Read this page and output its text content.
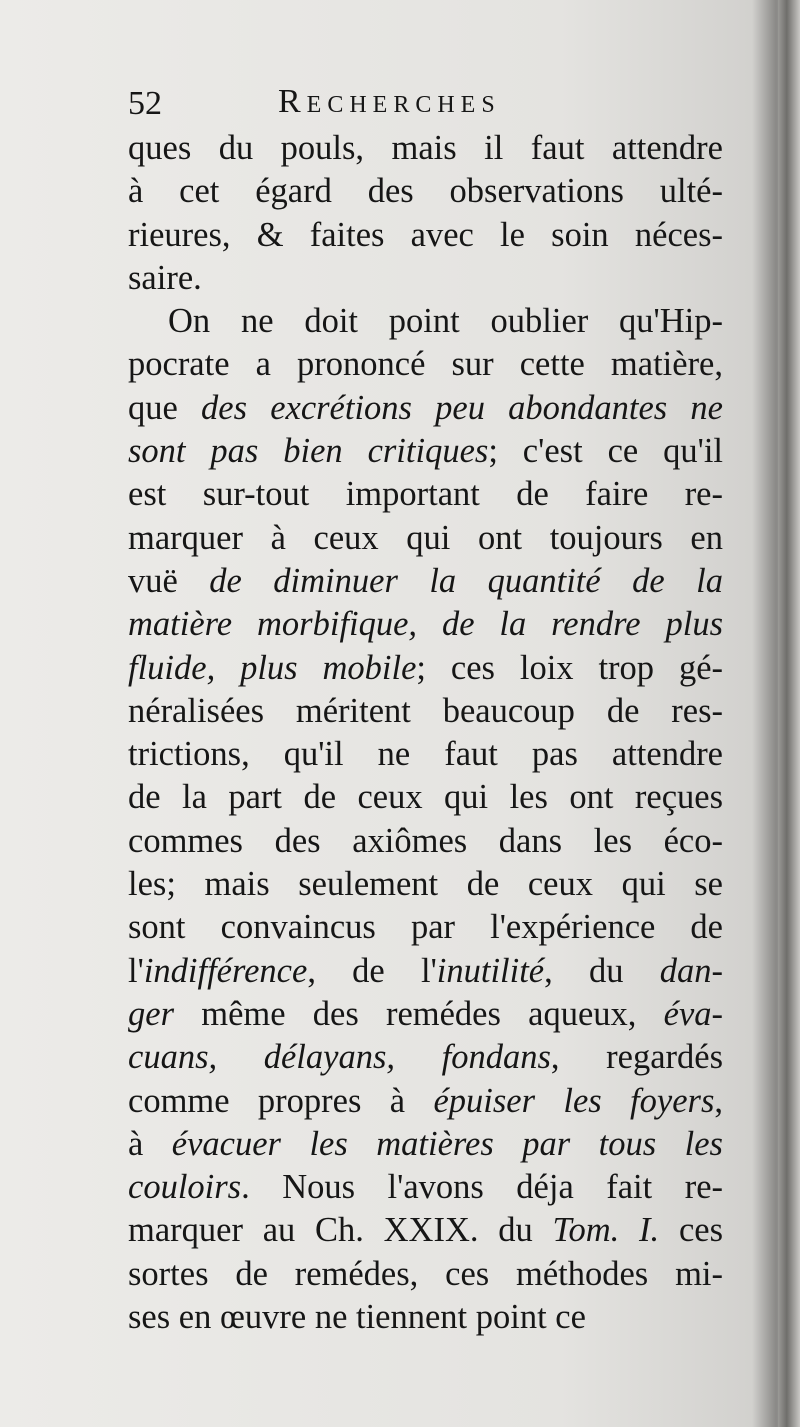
52	Recherches
ques du pouls, mais il faut attendre
à cet égard des observations ulté-
rieures, & faites avec le soin néces-
saire.
On ne doit point oublier qu'Hip-
pocrate a prononcé sur cette matière,
que des excrétions peu abondantes ne
sont pas bien critiques; c'est ce qu'il
est sur-tout important de faire re-
marquer à ceux qui ont toujours en
vuë de diminuer la quantité de la
matière morbifique, de la rendre plus
fluide, plus mobile; ces loix trop gé-
néralisées méritent beaucoup de res-
trictions, qu'il ne faut pas attendre
de la part de ceux qui les ont reçues
commes des axiômes dans les éco-
les; mais seulement de ceux qui se
sont convaincus par l'expérience de
l'indifférence, de l'inutilité, du dan-
ger même des remédes aqueux, éva-
cuans, délayans, fondans, regardés
comme propres à épuiser les foyers,
à évacuer les matières par tous les
couloirs. Nous l'avons déja fait re-
marquer au Ch. XXIX. du Tom. I. ces
sortes de remédes, ces méthodes mi-
ses en œuvre ne tiennent point ce
